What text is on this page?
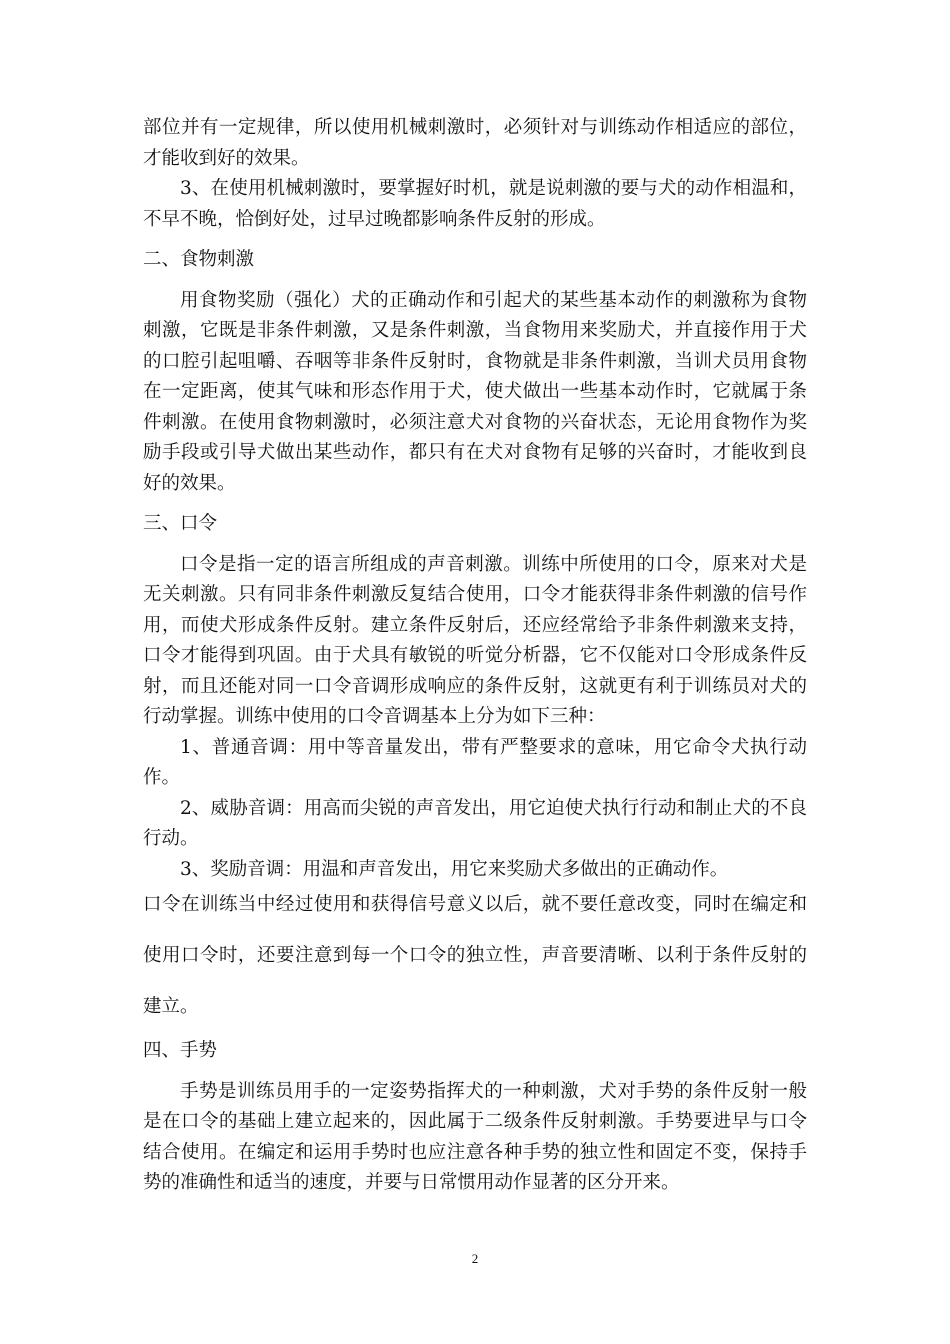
部位并有一定规律，所以使用机械刺激时，必须针对与训练动作相适应的部位，才能收到好的效果。

3、在使用机械刺激时，要掌握好时机，就是说刺激的要与犬的动作相温和，不早不晚，恰倒好处，过早过晚都影响条件反射的形成。

二、食物刺激

用食物奖励（强化）犬的正确动作和引起犬的某些基本动作的刺激称为食物刺激，它既是非条件刺激，又是条件刺激，当食物用来奖励犬，并直接作用于犬的口腔引起咀嚼、吞咽等非条件反射时，食物就是非条件刺激，当训犬员用食物在一定距离，使其气味和形态作用于犬，使犬做出一些基本动作时，它就属于条件刺激。在使用食物刺激时，必须注意犬对食物的兴奋状态，无论用食物作为奖励手段或引导犬做出某些动作，都只有在犬对食物有足够的兴奋时，才能收到良好的效果。

三、口令

口令是指一定的语言所组成的声音刺激。训练中所使用的口令，原来对犬是无关刺激。只有同非条件刺激反复结合使用，口令才能获得非条件刺激的信号作用，而使犬形成条件反射。建立条件反射后，还应经常给予非条件刺激来支持，口令才能得到巩固。由于犬具有敏锐的听觉分析器，它不仅能对口令形成条件反射，而且还能对同一口令音调形成响应的条件反射，这就更有利于训练员对犬的行动掌握。训练中使用的口令音调基本上分为如下三种：

1、普通音调：用中等音量发出，带有严整要求的意味，用它命令犬执行动作。

2、威胁音调：用高而尖锐的声音发出，用它迫使犬执行行动和制止犬的不良行动。

3、奖励音调：用温和声音发出，用它来奖励犬多做出的正确动作。

口令在训练当中经过使用和获得信号意义以后，就不要任意改变，同时在编定和使用口令时，还要注意到每一个口令的独立性，声音要清晰、以利于条件反射的建立。

四、手势

手势是训练员用手的一定姿势指挥犬的一种刺激，犬对手势的条件反射一般是在口令的基础上建立起来的，因此属于二级条件反射刺激。手势要进早与口令结合使用。在编定和运用手势时也应注意各种手势的独立性和固定不变，保持手势的准确性和适当的速度，并要与日常惯用动作显著的区分开来。

2
